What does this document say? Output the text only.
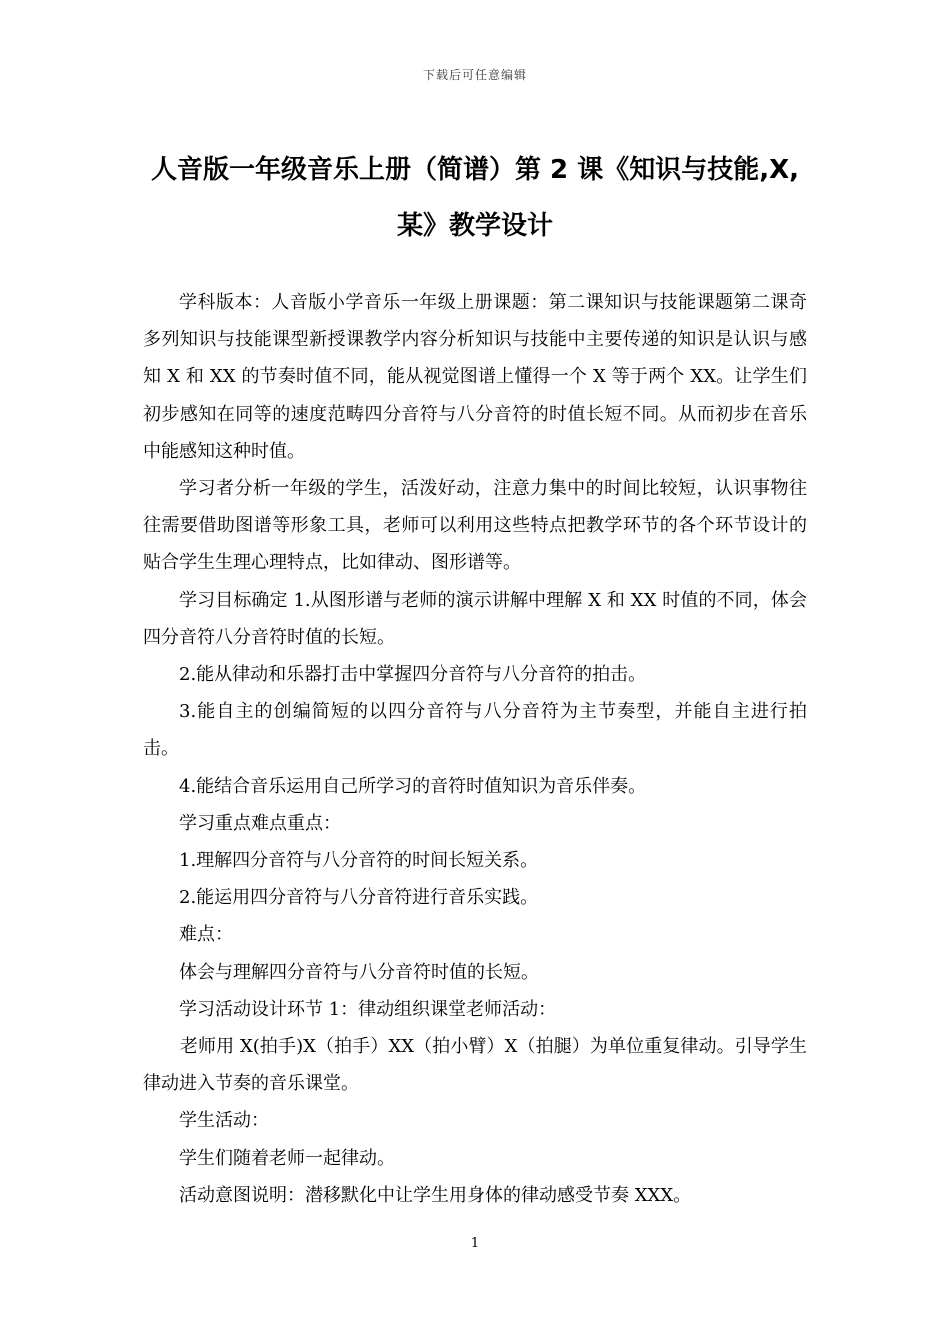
下载后可任意编辑
人音版一年级音乐上册（简谱）第 2 课《知识与技能,X,
某》教学设计

学科版本：人音版小学音乐一年级上册课题：第二课知识与技能课题第二课奇多列知识与技能课型新授课教学内容分析知识与技能中主要传递的知识是认识与感知 X 和 XX 的节奏时值不同，能从视觉图谱上懂得一个 X 等于两个 XX。让学生们初步感知在同等的速度范畴四分音符与八分音符的时值长短不同。从而初步在音乐中能感知这种时值。

学习者分析一年级的学生，活泼好动，注意力集中的时间比较短，认识事物往往需要借助图谱等形象工具，老师可以利用这些特点把教学环节的各个环节设计的贴合学生生理心理特点，比如律动、图形谱等。

学习目标确定 1.从图形谱与老师的演示讲解中理解 X 和 XX 时值的不同，体会四分音符八分音符时值的长短。

2.能从律动和乐器打击中掌握四分音符与八分音符的拍击。

3.能自主的创编简短的以四分音符与八分音符为主节奏型，并能自主进行拍击。

4.能结合音乐运用自己所学习的音符时值知识为音乐伴奏。

学习重点难点重点：

1.理解四分音符与八分音符的时间长短关系。

2.能运用四分音符与八分音符进行音乐实践。

难点：

体会与理解四分音符与八分音符时值的长短。

学习活动设计环节 1：律动组织课堂老师活动：

老师用 X(拍手)X（拍手）XX（拍小臂）X（拍腿）为单位重复律动。引导学生律动进入节奏的音乐课堂。

学生活动：

学生们随着老师一起律动。

活动意图说明：潜移默化中让学生用身体的律动感受节奏 XXX。

1
